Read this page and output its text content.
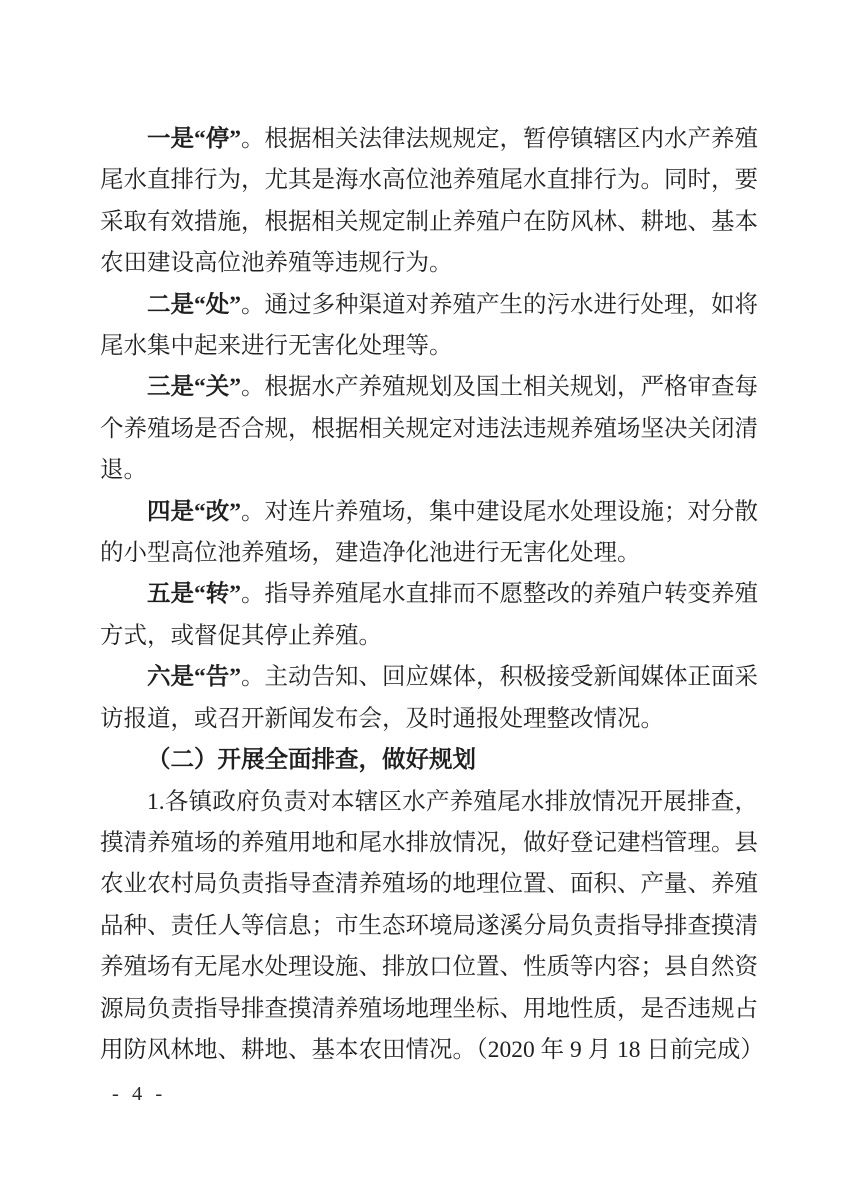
一是“停”。根据相关法律法规规定，暂停镇辖区内水产养殖尾水直排行为，尤其是海水高位池养殖尾水直排行为。同时，要采取有效措施，根据相关规定制止养殖户在防风林、耕地、基本农田建设高位池养殖等违规行为。

二是“处”。通过多种渠道对养殖产生的污水进行处理，如将尾水集中起来进行无害化处理等。

三是“关”。根据水产养殖规划及国土相关规划，严格审查每个养殖场是否合规，根据相关规定对违法违规养殖场坚决关闭清退。

四是“改”。对连片养殖场，集中建设尾水处理设施；对分散的小型高位池养殖场，建造净化池进行无害化处理。

五是“转”。指导养殖尾水直排而不愿整改的养殖户转变养殖方式，或督促其停止养殖。

六是“告”。主动告知、回应媒体，积极接受新闻媒体正面采访报道，或召开新闻发布会，及时通报处理整改情况。

（二）开展全面排查，做好规划

1.各镇政府负责对本辖区水产养殖尾水排放情况开展排查，摸清养殖场的养殖用地和尾水排放情况，做好登记建档管理。县农业农村局负责指导查清养殖场的地理位置、面积、产量、养殖品种、责任人等信息；市生态环境局遂溪分局负责指导排查摸清养殖场有无尾水处理设施、排放口位置、性质等内容；县自然资源局负责指导排查摸清养殖场地理坐标、用地性质，是否违规占用防风林地、耕地、基本农田情况。（2020 年 9 月 18 日前完成）

- 4 -
